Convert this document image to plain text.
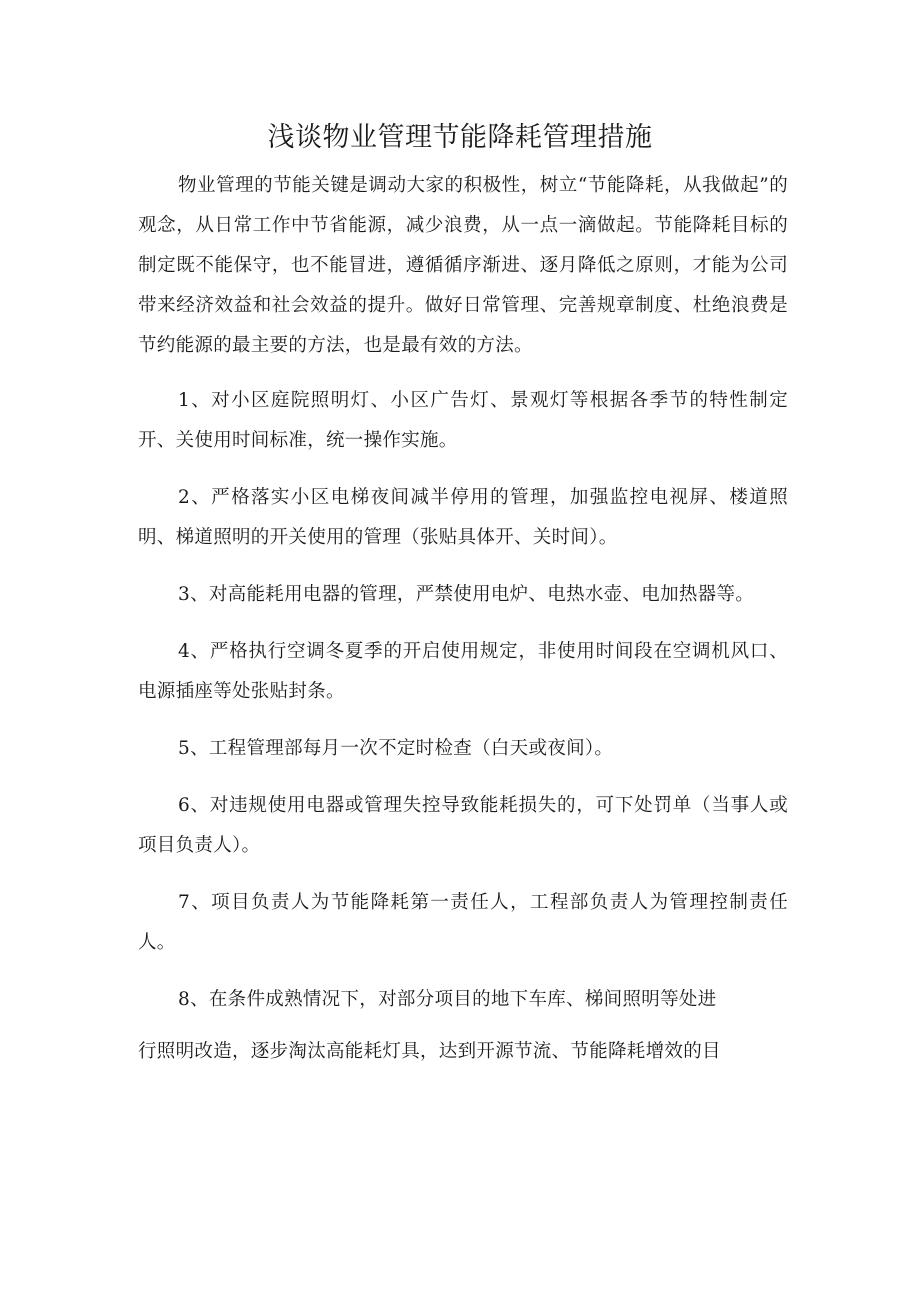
浅谈物业管理节能降耗管理措施

物业管理的节能关键是调动大家的积极性，树立“节能降耗，从我做起”的观念，从日常工作中节省能源，减少浪费，从一点一滴做起。节能降耗目标的制定既不能保守，也不能冒进，遵循循序渐进、逐月降低之原则，才能为公司带来经济效益和社会效益的提升。做好日常管理、完善规章制度、杜绝浪费是节约能源的最主要的方法，也是最有效的方法。

1、对小区庭院照明灯、小区广告灯、景观灯等根据各季节的特性制定开、关使用时间标准，统一操作实施。

2、严格落实小区电梯夜间减半停用的管理，加强监控电视屏、楼道照明、梯道照明的开关使用的管理（张贴具体开、关时间）。

3、对高能耗用电器的管理，严禁使用电炉、电热水壶、电加热器等。

4、严格执行空调冬夏季的开启使用规定，非使用时间段在空调机风口、电源插座等处张贴封条。

5、工程管理部每月一次不定时检查（白天或夜间）。

6、对违规使用电器或管理失控导致能耗损失的，可下处罚单（当事人或项目负责人）。

7、项目负责人为节能降耗第一责任人，工程部负责人为管理控制责任人。

8、在条件成熟情况下，对部分项目的地下车库、梯间照明等处进

行照明改造，逐步淘汰高能耗灯具，达到开源节流、节能降耗增效的目
